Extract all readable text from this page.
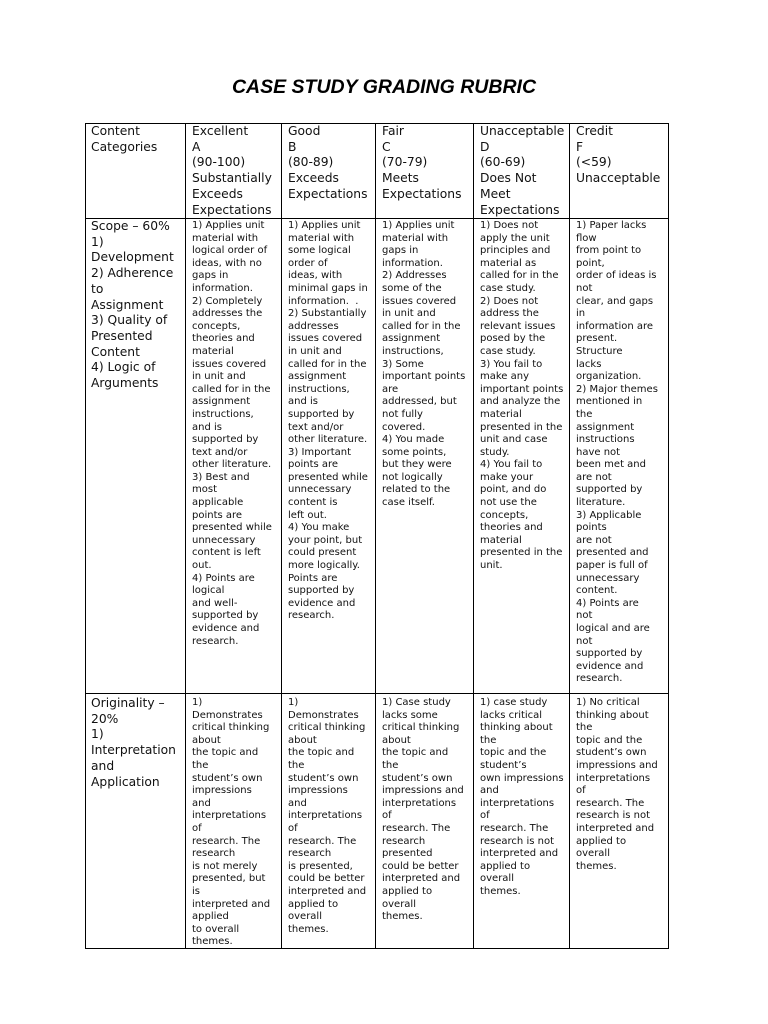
CASE STUDY GRADING RUBRIC
Content
Categories
Excellent
A
(90-100)
Substantially
Exceeds
Expectations
Good
B
(80-89)
Exceeds
Expectations
Fair
C
(70-79)
Meets
Expectations
Unacceptable
D
(60-69)
Does Not
Meet
Expectations
Credit
F
(<59)
Unacceptable
Scope – 60%
1)
Development
2) Adherence
to
Assignment
3) Quality of
Presented
Content
4) Logic of
Arguments
1) Applies unit
material with
logical order of
ideas, with no
gaps in
information.
2) Completely
addresses the
concepts,
theories and
material
issues covered
in unit and
called for in the
assignment
instructions,
and is
supported by
text and/or
other literature.
3) Best and
most
applicable
points are
presented while
unnecessary
content is left
out.
4) Points are
logical
and well-
supported by
evidence and
research.
1) Applies unit
material with
some logical
order of
ideas, with
minimal gaps in
information.  .
2) Substantially
addresses
issues covered
in unit and
called for in the
assignment
instructions,
and is
supported by
text and/or
other literature.
3) Important
points are
presented while
unnecessary
content is
left out.
4) You make
your point, but
could present
more logically.
Points are
supported by
evidence and
research.
1) Applies unit
material with
gaps in
information.
2) Addresses
some of the
issues covered
in unit and
called for in the
assignment
instructions,
3) Some
important points
are
addressed, but
not fully
covered.
4) You made
some points,
but they were
not logically
related to the
case itself.
1) Does not
apply the unit
principles and
material as
called for in the
case study.
2) Does not
address the
relevant issues
posed by the
case study.
3) You fail to
make any
important points
and analyze the
material
presented in the
unit and case
study.
4) You fail to
make your
point, and do
not use the
concepts,
theories and
material
presented in the
unit.
1) Paper lacks
flow
from point to
point,
order of ideas is
not
clear, and gaps
in
information are
present.
Structure
lacks
organization.
2) Major themes
mentioned in
the
assignment
instructions
have not
been met and
are not
supported by
literature.
3) Applicable
points
are not
presented and
paper is full of
unnecessary
content.
4) Points are
not
logical and are
not
supported by
evidence and
research.
Originality –
20%
1)
Interpretation
and
Application
1)
Demonstrates
critical thinking
about
the topic and
the
student’s own
impressions
and
interpretations
of
research. The
research
is not merely
presented, but
is
interpreted and
applied
to overall
themes.
1)
Demonstrates
critical thinking
about
the topic and
the
student’s own
impressions
and
interpretations
of
research. The
research
is presented,
could be better
interpreted and
applied to
overall
themes.
1) Case study
lacks some
critical thinking
about
the topic and
the
student’s own
impressions and
interpretations
of
research. The
research
presented
could be better
interpreted and
applied to
overall
themes.
1) case study
lacks critical
thinking about
the
topic and the
student’s
own impressions
and
interpretations
of
research. The
research is not
interpreted and
applied to
overall
themes.
1) No critical
thinking about
the
topic and the
student’s own
impressions and
interpretations
of
research. The
research is not
interpreted and
applied to
overall
themes.
